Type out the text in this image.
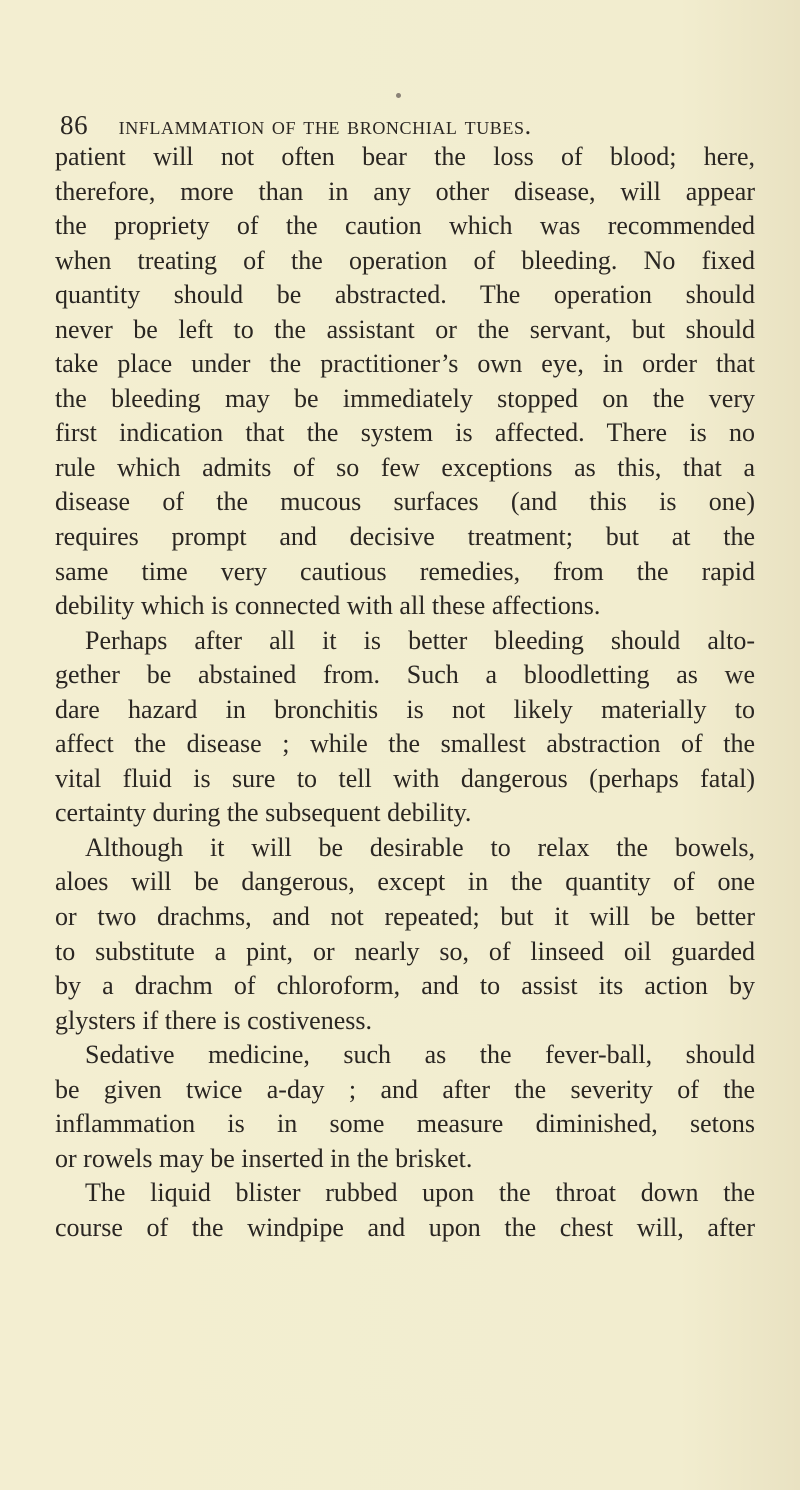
86 inflammation of the bronchial tubes.
patient will not often bear the loss of blood; here,
therefore, more than in any other disease, will appear
the propriety of the caution which was recommended
when treating of the operation of bleeding. No fixed
quantity should be abstracted. The operation should
never be left to the assistant or the servant, but should
take place under the practitioner’s own eye, in order that
the bleeding may be immediately stopped on the very
first indication that the system is affected. There is no
rule which admits of so few exceptions as this, that a
disease of the mucous surfaces (and this is one)
requires prompt and decisive treatment; but at the
same time very cautious remedies, from the rapid
debility which is connected with all these affections.
Perhaps after all it is better bleeding should alto-
gether be abstained from. Such a bloodletting as we
dare hazard in bronchitis is not likely materially to
affect the disease ; while the smallest abstraction of the
vital fluid is sure to tell with dangerous (perhaps fatal)
certainty during the subsequent debility.
Although it will be desirable to relax the bowels,
aloes will be dangerous, except in the quantity of one
or two drachms, and not repeated; but it will be better
to substitute a pint, or nearly so, of linseed oil guarded
by a drachm of chloroform, and to assist its action by
glysters if there is costiveness.
Sedative medicine, such as the fever-ball, should
be given twice a-day ; and after the severity of the
inflammation is in some measure diminished, setons
or rowels may be inserted in the brisket.
The liquid blister rubbed upon the throat down the
course of the windpipe and upon the chest will, after
